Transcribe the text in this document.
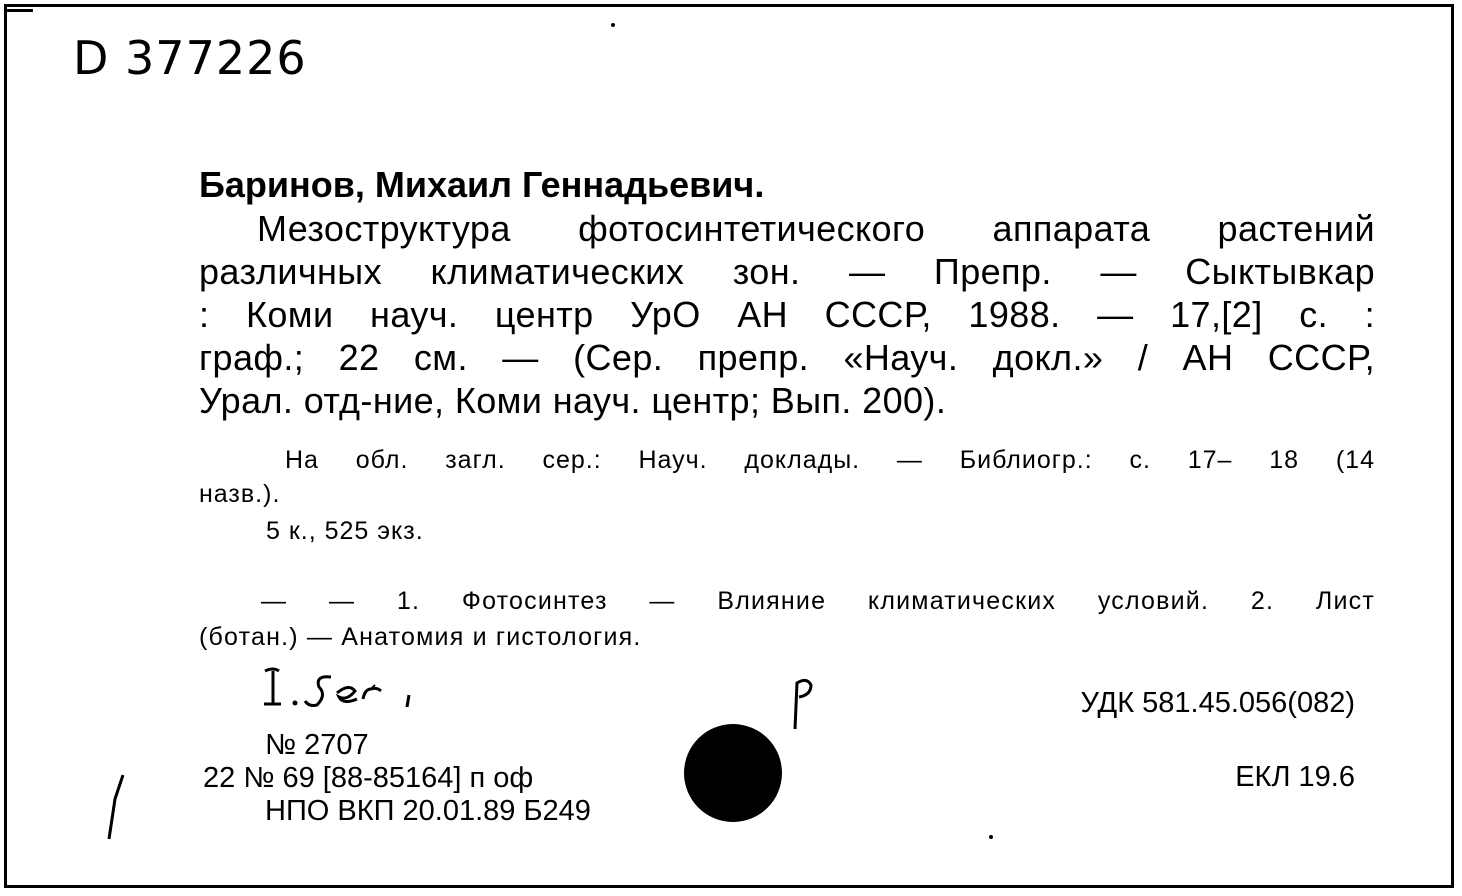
D 377226
Баринов, Михаил Геннадьевич.
Мезоструктура фотосинтетического аппарата растений
различных климатических зон. — Препр. — Сыктывкар
: Коми науч. центр УрО АН СССР, 1988. — 17,[2] с. :
граф.; 22 см. — (Сер. препр. «Науч. докл.» / АН СССР,
Урал. отд-ние, Коми науч. центр; Вып. 200).
На обл. загл. сер.: Науч. доклады. — Библиогр.: с. 17– 18 (14
назв.).
5 к., 525 экз.
— — 1. Фотосинтез — Влияние климатических условий. 2. Лист
(ботан.) — Анатомия и гистология.
УДК 581.45.056(082)
ЕКЛ 19.6
№ 2707
22 № 69 [88-85164] п оф
НПО ВКП 20.01.89 Б249
